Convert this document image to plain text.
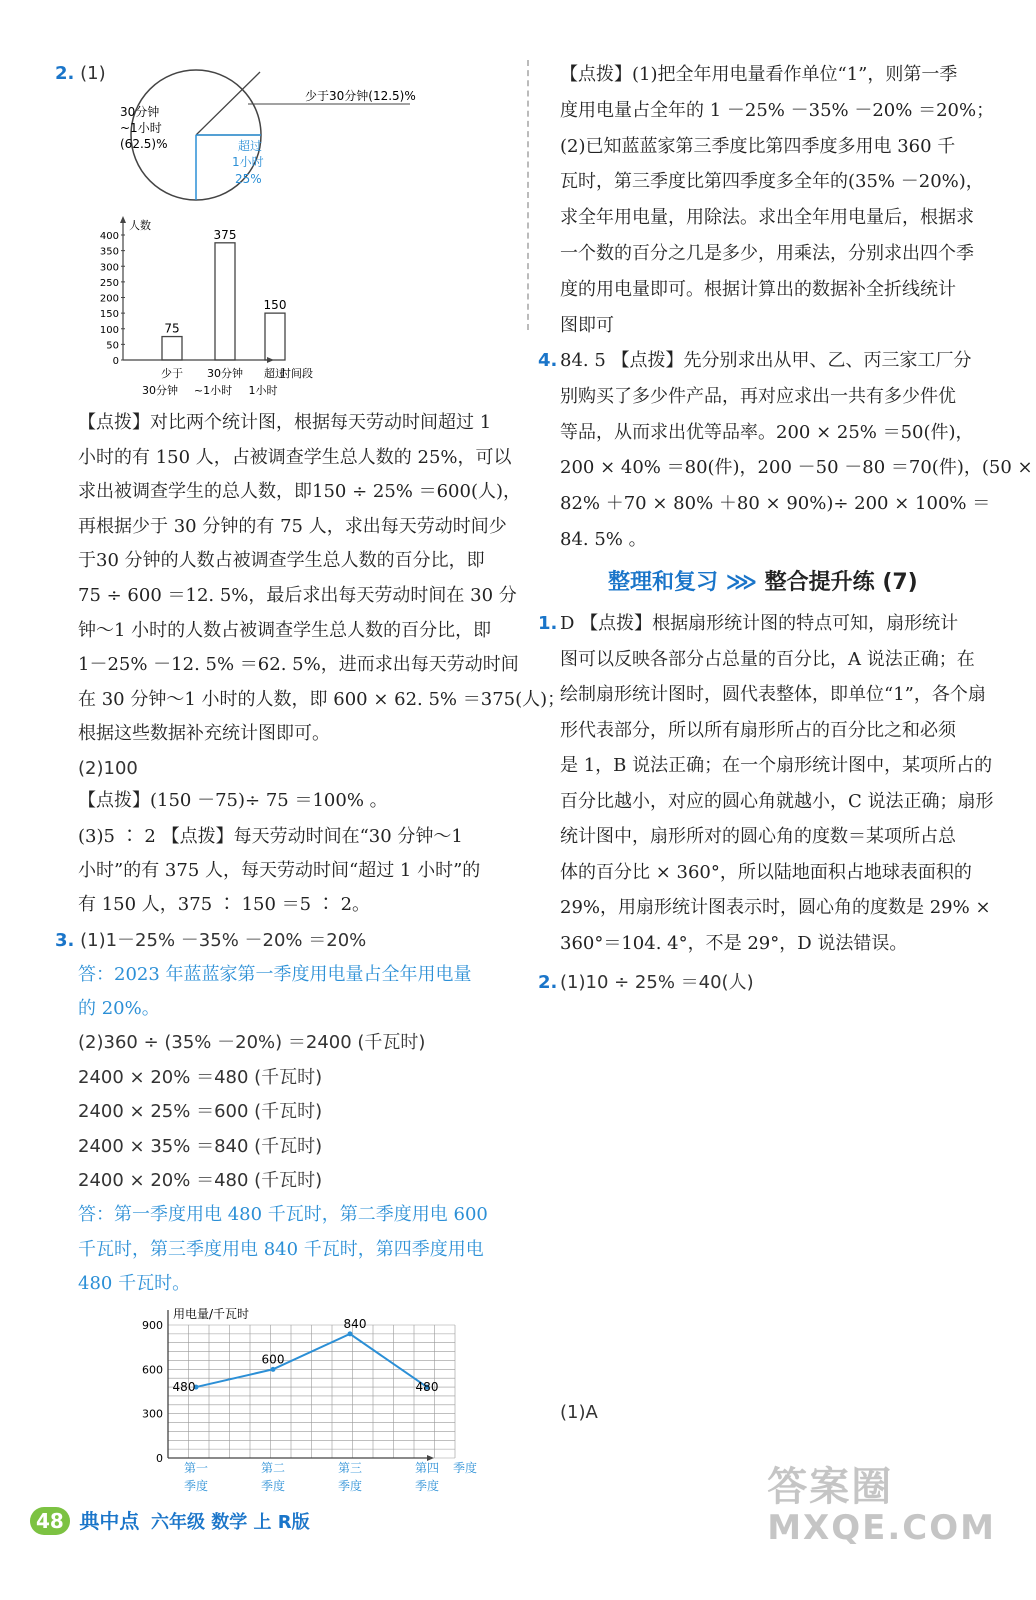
2. (1)
30分钟
~1小时
(62.5)%
少于30分钟(12.5)%
超过
1小时
25%
人数
时间段
400
350
300
250
200
150
100
50
0
75
375
150
少于
30分钟
30分钟
~1小时
超过
1小时
【点拨】对比两个统计图，根据每天劳动时间超过 1
小时的有 150 人，占被调查学生总人数的 25%，可以
求出被调查学生的总人数，即150 ÷ 25% ＝600(人)，
再根据少于 30 分钟的有 75 人，求出每天劳动时间少
于30 分钟的人数占被调查学生总人数的百分比，即
75 ÷ 600 ＝12. 5%，最后求出每天劳动时间在 30 分
钟～1 小时的人数占被调查学生总人数的百分比，即
1－25% －12. 5% ＝62. 5%，进而求出每天劳动时间
在 30 分钟～1 小时的人数，即 600 × 62. 5% ＝375(人)；
根据这些数据补充统计图即可。
(2)100
【点拨】(150 －75)÷ 75 ＝100% 。
(3)5 ∶ 2 【点拨】每天劳动时间在“30 分钟～1
小时”的有 375 人，每天劳动时间“超过 1 小时”的
有 150 人，375 ∶ 150 ＝5 ∶ 2。
3. (1)1－25% －35% －20% ＝20%
答：2023 年蓝蓝家第一季度用电量占全年用电量
的 20%。
(2)360 ÷ (35% －20%) ＝2400 (千瓦时)
2400 × 20% ＝480 (千瓦时)
2400 × 25% ＝600 (千瓦时)
2400 × 35% ＝840 (千瓦时)
2400 × 20% ＝480 (千瓦时)
答：第一季度用电 480 千瓦时，第二季度用电 600
千瓦时，第三季度用电 840 千瓦时，第四季度用电
480 千瓦时。
用电量/千瓦时
季度
900
600
300
0
480
600
840
480
第一
季度
第二
季度
第三
季度
第四
季度
【点拨】(1)把全年用电量看作单位“1”，则第一季
度用电量占全年的 1 －25% －35% －20% ＝20%；
(2)已知蓝蓝家第三季度比第四季度多用电 360 千
瓦时，第三季度比第四季度多全年的(35% －20%)，
求全年用电量，用除法。求出全年用电量后，根据求
一个数的百分之几是多少，用乘法，分别求出四个季
度的用电量即可。根据计算出的数据补全折线统计
图即可
4. 84. 5 【点拨】先分别求出从甲、乙、丙三家工厂分
别购买了多少件产品，再对应求出一共有多少件优
等品，从而求出优等品率。200 × 25% ＝50(件)，
200 × 40% ＝80(件)，200 －50 －80 ＝70(件)，(50 ×
82% ＋70 × 80% ＋80 × 90%)÷ 200 × 100% ＝
84. 5% 。
整理和复习 ⋙ 整合提升练 (7)
1. D 【点拨】根据扇形统计图的特点可知，扇形统计
图可以反映各部分占总量的百分比，A 说法正确；在
绘制扇形统计图时，圆代表整体，即单位“1”，各个扇
形代表部分，所以所有扇形所占的百分比之和必须
是 1，B 说法正确；在一个扇形统计图中，某项所占的
百分比越小，对应的圆心角就越小，C 说法正确；扇形
统计图中，扇形所对的圆心角的度数＝某项所占总
体的百分比 × 360°，所以陆地面积占地球表面积的
29%，用扇形统计图表示时，圆心角的度数是 29% ×
360°＝104. 4°，不是 29°，D 说法错误。
2. (1)10 ÷ 25% ＝40(人)
(1)A
48 典中点 六年级 数学 上 R版
答案圈
MXQE.COM
